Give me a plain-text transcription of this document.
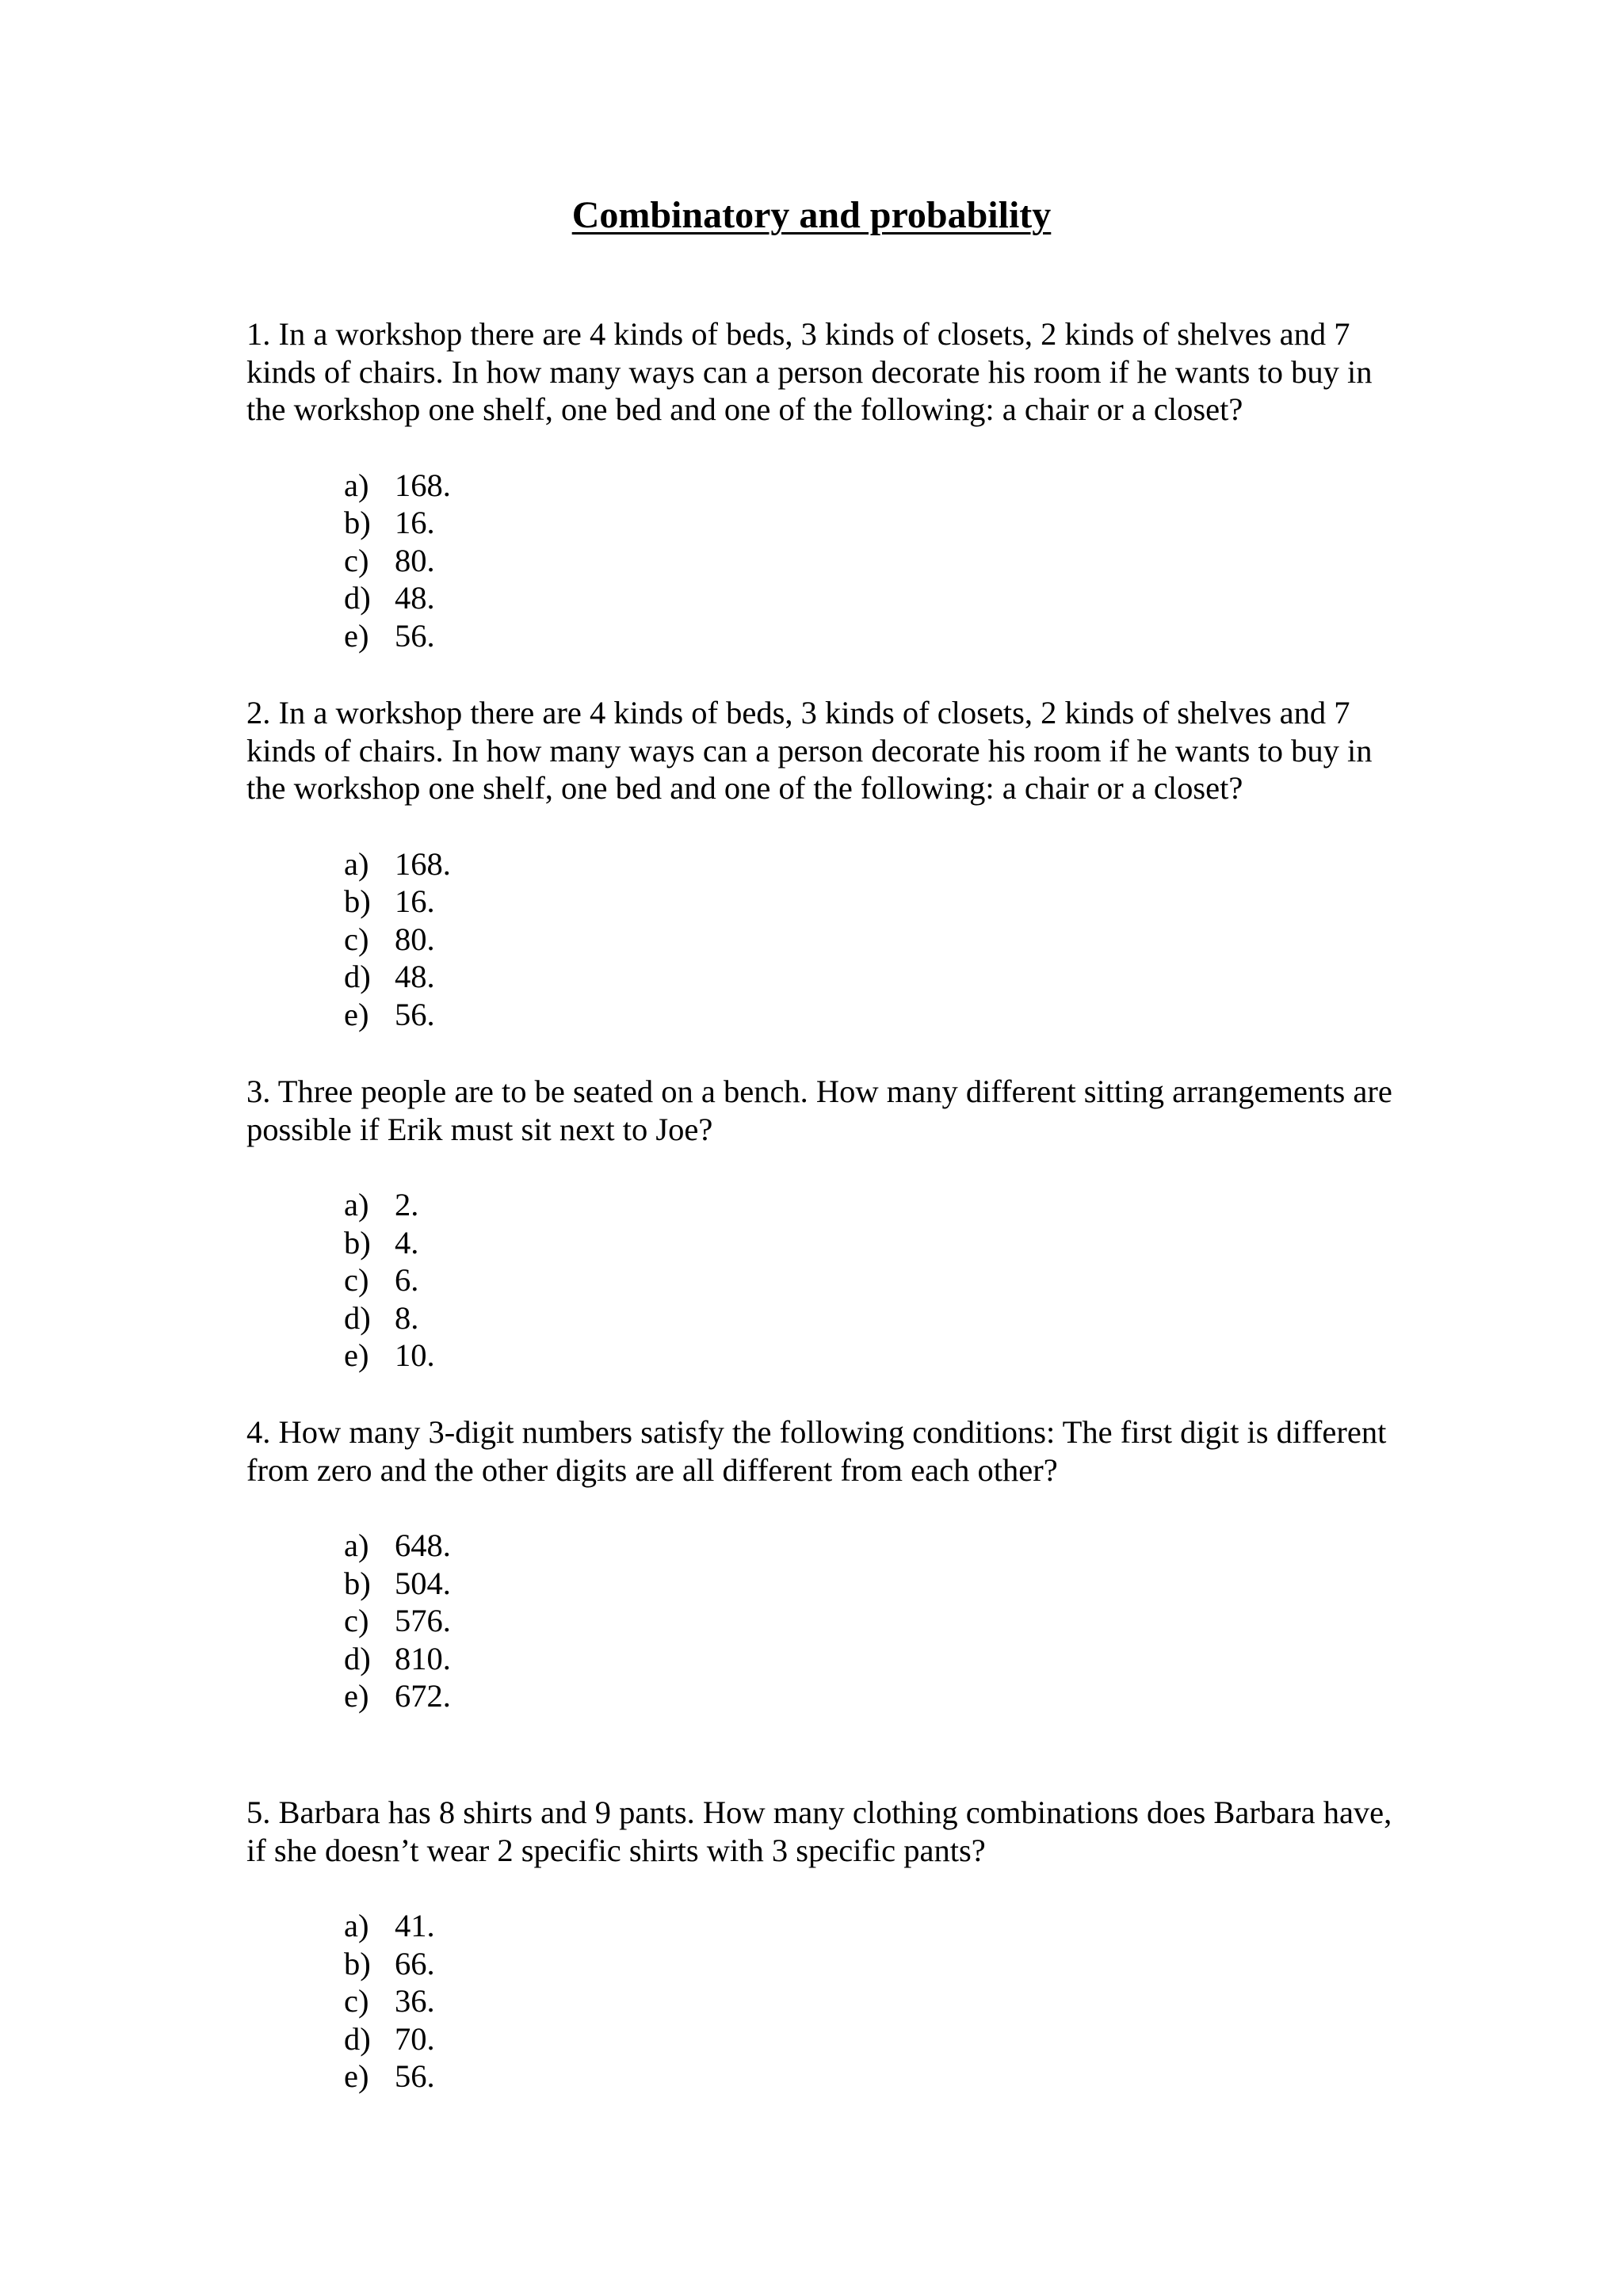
Combinatory and probability

1. In a workshop there are 4 kinds of beds, 3 kinds of closets, 2 kinds of shelves and 7 kinds of chairs. In how many ways can a person decorate his room if he wants to buy in the workshop one shelf, one bed and one of the following: a chair or a closet?

a) 168.
b) 16.
c) 80.
d) 48.
e) 56.

2. In a workshop there are 4 kinds of beds, 3 kinds of closets, 2 kinds of shelves and 7 kinds of chairs. In how many ways can a person decorate his room if he wants to buy in the workshop one shelf, one bed and one of the following: a chair or a closet?

a) 168.
b) 16.
c) 80.
d) 48.
e) 56.

3. Three people are to be seated on a bench. How many different sitting arrangements are possible if Erik must sit next to Joe?

a) 2.
b) 4.
c) 6.
d) 8.
e) 10.

4. How many 3-digit numbers satisfy the following conditions: The first digit is different from zero and the other digits are all different from each other?

a) 648.
b) 504.
c) 576.
d) 810.
e) 672.

5. Barbara has 8 shirts and 9 pants. How many clothing combinations does Barbara have, if she doesn’t wear 2 specific shirts with 3 specific pants?

a) 41.
b) 66.
c) 36.
d) 70.
e) 56.
